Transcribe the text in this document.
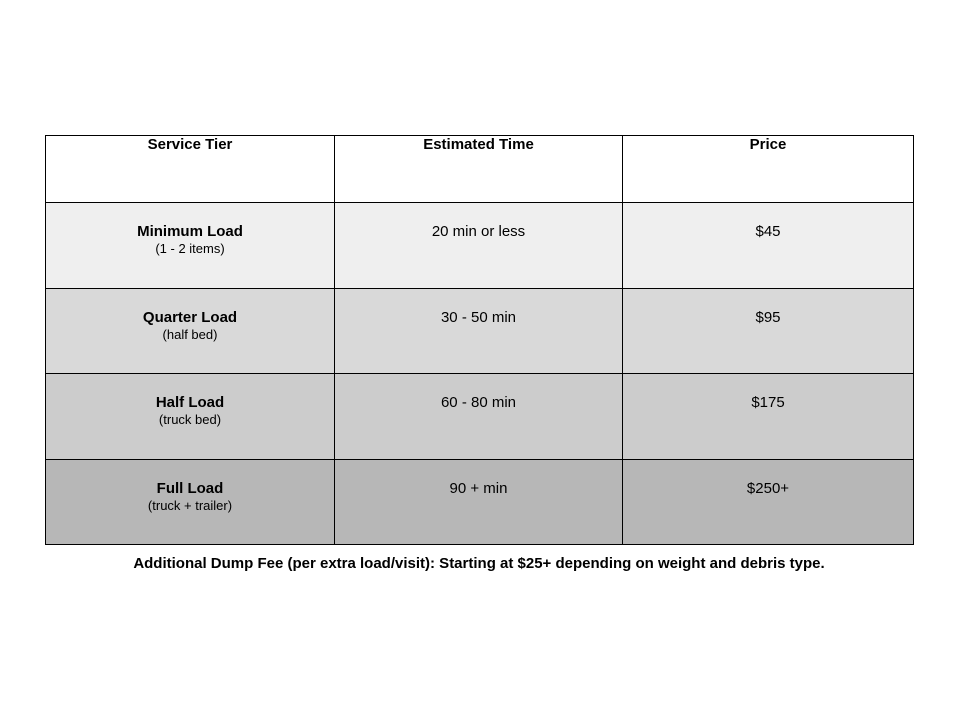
Service Tier	Estimated Time	Price

Minimum Load
(1 - 2 items)	20 min or less	$45

Quarter Load
(half bed)	30 - 50 min	$95

Half Load
(truck bed)	60 - 80 min	$175

Full Load
(truck + trailer)	90 + min	$250+
Additional Dump Fee (per extra load/visit): Starting at $25+ depending on weight and debris type.
